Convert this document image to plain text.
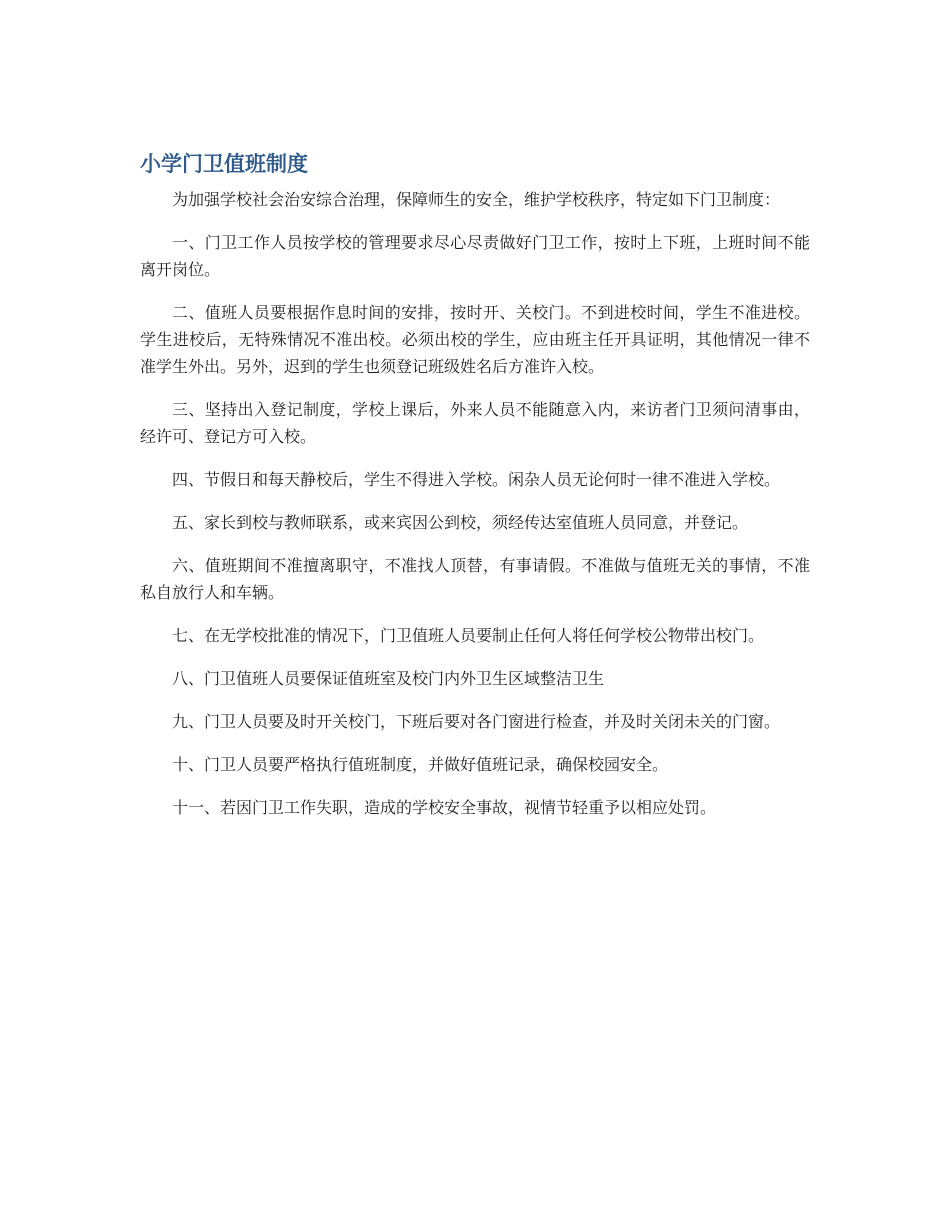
小学门卫值班制度

为加强学校社会治安综合治理，保障师生的安全，维护学校秩序，特定如下门卫制度：

一、门卫工作人员按学校的管理要求尽心尽责做好门卫工作，按时上下班，上班时间不能离开岗位。

二、值班人员要根据作息时间的安排，按时开、关校门。不到进校时间，学生不准进校。学生进校后，无特殊情况不准出校。必须出校的学生，应由班主任开具证明，其他情况一律不准学生外出。另外，迟到的学生也须登记班级姓名后方准许入校。

三、坚持出入登记制度，学校上课后，外来人员不能随意入内，来访者门卫须问清事由，经许可、登记方可入校。

四、节假日和每天静校后，学生不得进入学校。闲杂人员无论何时一律不准进入学校。

五、家长到校与教师联系，或来宾因公到校，须经传达室值班人员同意，并登记。

六、值班期间不准擅离职守，不准找人顶替，有事请假。不准做与值班无关的事情，不准私自放行人和车辆。

七、在无学校批准的情况下，门卫值班人员要制止任何人将任何学校公物带出校门。

八、门卫值班人员要保证值班室及校门内外卫生区域整洁卫生

九、门卫人员要及时开关校门，下班后要对各门窗进行检查，并及时关闭未关的门窗。

十、门卫人员要严格执行值班制度，并做好值班记录，确保校园安全。

十一、若因门卫工作失职，造成的学校安全事故，视情节轻重予以相应处罚。
